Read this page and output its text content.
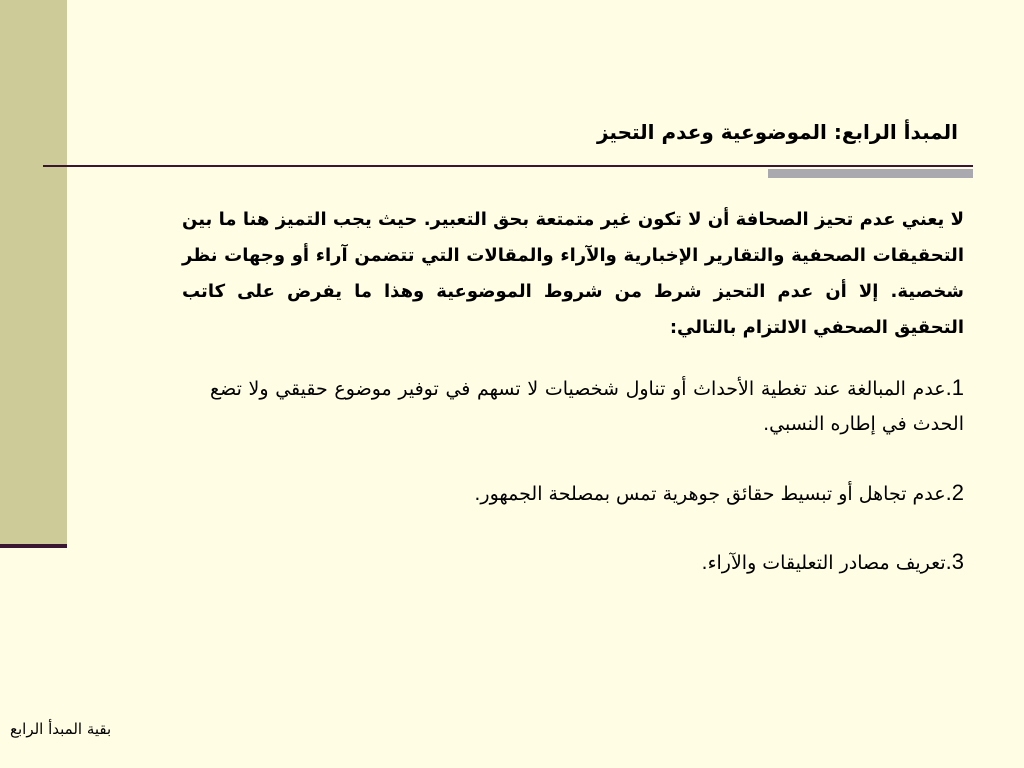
المبدأ الرابع: الموضوعية وعدم التحيز
لا يعني عدم تحيز الصحافة أن لا تكون غير متمتعة بحق التعبير. حيث يجب التميز هنا ما بين التحقيقات الصحفية والتقارير الإخبارية والآراء والمقالات التي تتضمن آراء أو وجهات نظر شخصية. إلا أن عدم التحيز شرط من شروط الموضوعية وهذا ما يفرض على كاتب التحقيق الصحفي الالتزام بالتالي:
1.عدم المبالغة عند تغطية الأحداث أو تناول شخصيات لا تسهم في توفير موضوع حقيقي ولا تضع الحدث في إطاره النسبي.
2.عدم تجاهل أو تبسيط حقائق جوهرية تمس بمصلحة الجمهور.
3.تعريف مصادر التعليقات والآراء.
بقية المبدأ الرابع
